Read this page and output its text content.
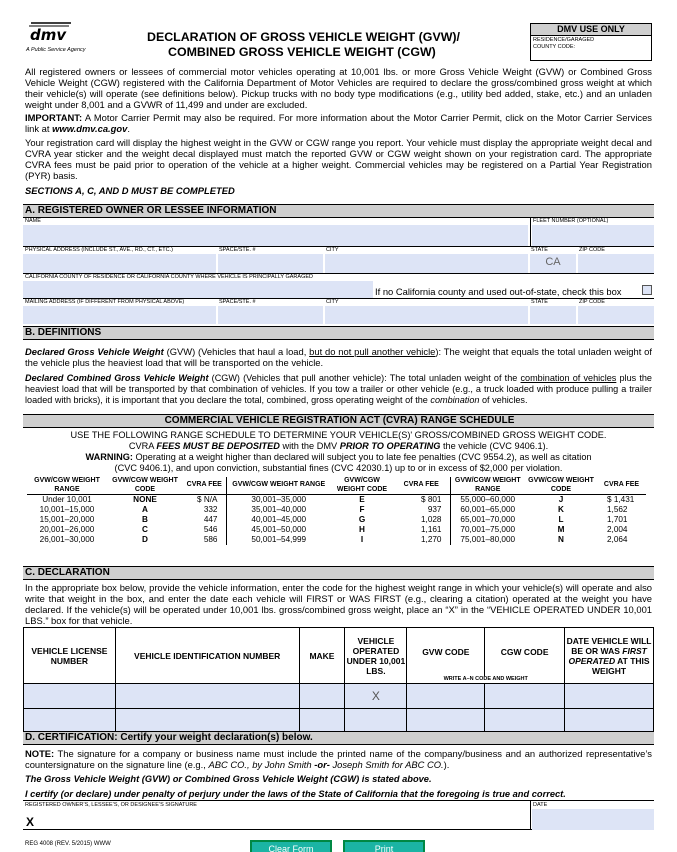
dmv
A Public Service Agency
DECLARATION OF GROSS VEHICLE WEIGHT (GVW)/
COMBINED GROSS VEHICLE WEIGHT (CGW)
DMV USE ONLY
RESIDENCE/GARAGED COUNTY CODE:
All registered owners or lessees of commercial motor vehicles operating at 10,001 lbs. or more Gross Vehicle Weight (GVW) or Combined Gross Vehicle Weight (CGW) registered with the California Department of Motor Vehicles are required to declare the gross/combined gross weight at which their vehicle(s) will operate (see definitions below). Pickup trucks with no body type modifications (e.g., utility bed added, stake, etc.) and an unladen weight under 8,001 and a GVWR of 11,499 and under are excluded.
IMPORTANT: A Motor Carrier Permit may also be required. For more information about the Motor Carrier Permit, click on the Motor Carrier Services link at www.dmv.ca.gov.
Your registration card will display the highest weight in the GVW or CGW range you report. Your vehicle must display the appropriate weight decal and CVRA year sticker and the weight decal displayed must match the reported GVW or CGW weight shown on your registration card. The appropriate CVRA fees must be paid prior to operation of the vehicle at a higher weight. Commercial vehicles may be registered on a Partial Year Registration (PYR) basis.
SECTIONS A, C, AND D MUST BE COMPLETED
A. REGISTERED OWNER OR LESSEE INFORMATION
NAME	FLEET NUMBER (OPTIONAL)
PHYSICAL ADDRESS (INCLUDE ST., AVE., RD., CT., ETC.)	SPACE/STE. #	CITY	STATE	ZIP CODE
CA
CALIFORNIA COUNTY OF RESIDENCE OR CALIFORNIA COUNTY WHERE VEHICLE IS PRINCIPALLY GARAGED
If no California county and used out-of-state, check this box
MAILING ADDRESS (IF DIFFERENT FROM PHYSICAL ABOVE)	SPACE/STE. #	CITY	STATE	ZIP CODE
B. DEFINITIONS
Declared Gross Vehicle Weight (GVW) (Vehicles that haul a load, but do not pull another vehicle): The weight that equals the total unladen weight of the vehicle plus the heaviest load that will be transported on the vehicle.
Declared Combined Gross Vehicle Weight (CGW) (Vehicles that pull another vehicle): The total unladen weight of the combination of vehicles plus the heaviest load that will be transported by that combination of vehicles. If you tow a trailer or other vehicle (e.g., a truck loaded with produce pulling a trailer loaded with bricks), it is important that you declare the total, combined, gross operating weight of the combination of vehicles.
COMMERCIAL VEHICLE REGISTRATION ACT (CVRA) RANGE SCHEDULE
USE THE FOLLOWING RANGE SCHEDULE TO DETERMINE YOUR VEHICLE(S)' GROSS/COMBINED GROSS WEIGHT CODE.
CVRA FEES MUST BE DEPOSITED with the DMV PRIOR TO OPERATING the vehicle (CVC 9406.1).
WARNING: Operating at a weight higher than declared will subject you to late fee penalties (CVC 9554.2), as well as citation
(CVC 9406.1), and upon conviction, substantial fines (CVC 42030.1) up to or in excess of $2,000 per violation.
GVW/CGW WEIGHT RANGE	GVW/CGW WEIGHT CODE	CVRA FEE	GVW/CGW WEIGHT RANGE	GVW/CGW WEIGHT CODE	CVRA FEE	GVW/CGW WEIGHT RANGE	GVW/CGW WEIGHT CODE	CVRA FEE
Under 10,001	NONE	$ N/A	30,001–35,000	E	$ 801	55,000–60,000	J	$ 1,431
10,001–15,000	A	332	35,001–40,000	F	937	60,001–65,000	K	1,562
15,001–20,000	B	447	40,001–45,000	G	1,028	65,001–70,000	L	1,701
20,001–26,000	C	546	45,001–50,000	H	1,161	70,001–75,000	M	2,004
26,001–30,000	D	586	50,001–54,999	I	1,270	75,001–80,000	N	2,064
C. DECLARATION
In the appropriate box below, provide the vehicle information, enter the code for the highest weight range in which your vehicle(s) will operate and also write that weight in the box, and enter the date each vehicle will FIRST or WAS FIRST (e.g., clearing a citation) operated at the weight you have declared. If the vehicle(s) will be operated under 10,001 lbs. gross/combined gross weight, place an “X” in the “VEHICLE OPERATED UNDER 10,001 LBS.” box for that vehicle.
VEHICLE LICENSE NUMBER	VEHICLE IDENTIFICATION NUMBER	MAKE	VEHICLE OPERATED UNDER 10,001 LBS.	GVW CODE	CGW CODE	DATE VEHICLE WILL BE OR WAS FIRST OPERATED AT THIS WEIGHT
				WRITE A–N CODE AND WEIGHT		
			X			

D. CERTIFICATION: Certify your weight declaration(s) below.
NOTE: The signature for a company or business name must include the printed name of the company/business and an authorized representative’s countersignature on the signature line (e.g., ABC CO., by John Smith -or- Joseph Smith for ABC CO.).
The Gross Vehicle Weight (GVW) or Combined Gross Vehicle Weight (CGW) is stated above.
I certify (or declare) under penalty of perjury under the laws of the State of California that the foregoing is true and correct.
REGISTERED OWNER’S, LESSEE’S, OR DESIGNEE’S SIGNATURE
X
DATE
REG 4008 (REV. 5/2015) WWW	Clear Form	Print
